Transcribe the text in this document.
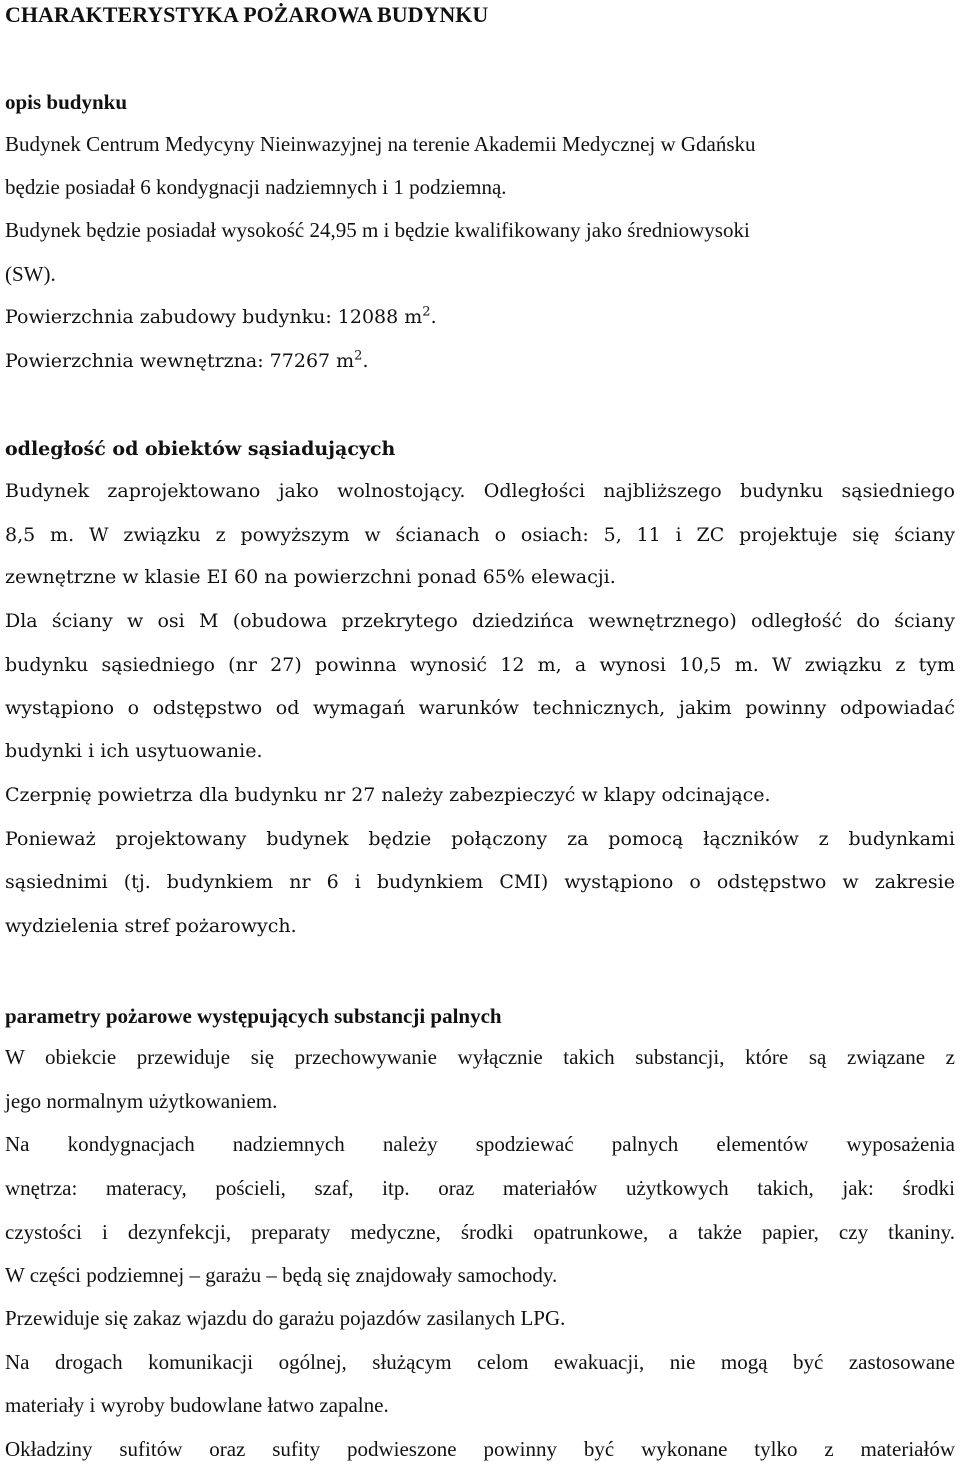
CHARAKTERYSTYKA POŻAROWA BUDYNKU
opis budynku
Budynek Centrum Medycyny Nieinwazyjnej na terenie Akademii Medycznej w Gdańsku
będzie posiadał 6 kondygnacji nadziemnych i 1 podziemną.
Budynek będzie posiadał wysokość 24,95 m i będzie kwalifikowany jako średniowysoki
(SW).
Powierzchnia zabudowy budynku: 12088 $m^2$.
Powierzchnia wewnętrzna: 77267 $m^2$.
odległość od obiektów sąsiadujących
Budynek zaprojektowano jako wolnostojący. Odległości najbliższego budynku sąsiedniego
8,5 m. W związku z powyższym w ścianach o osiach: 5, 11 i ZC projektuje się ściany
zewnętrzne w klasie EI 60 na powierzchni ponad 65% elewacji.
Dla ściany w osi M (obudowa przekrytego dziedzińca wewnętrznego) odległość do ściany
budynku sąsiedniego (nr 27) powinna wynosić 12 m, a wynosi 10,5 m. W związku z tym
wystąpiono o odstępstwo od wymagań warunków technicznych, jakim powinny odpowiadać
budynki i ich usytuowanie.
Czerpnię powietrza dla budynku nr 27 należy zabezpieczyć w klapy odcinające.
Ponieważ projektowany budynek będzie połączony za pomocą łączników z budynkami
sąsiednimi (tj. budynkiem nr 6 i budynkiem CMI) wystąpiono o odstępstwo w zakresie
wydzielenia stref pożarowych.
parametry pożarowe występujących substancji palnych
W obiekcie przewiduje się przechowywanie wyłącznie takich substancji, które są związane z
jego normalnym użytkowaniem.
Na kondygnacjach nadziemnych należy spodziewać palnych elementów wyposażenia
wnętrza: materacy, pościeli, szaf, itp. oraz materiałów użytkowych takich, jak: środki
czystości i dezynfekcji, preparaty medyczne, środki opatrunkowe, a także papier, czy tkaniny.
W części podziemnej – garażu – będą się znajdowały samochody.
Przewiduje się zakaz wjazdu do garażu pojazdów zasilanych LPG.
Na drogach komunikacji ogólnej, służącym celom ewakuacji, nie mogą być zastosowane
materiały i wyroby budowlane łatwo zapalne.
Okładziny sufitów oraz sufity podwieszone powinny być wykonane tylko z materiałów
